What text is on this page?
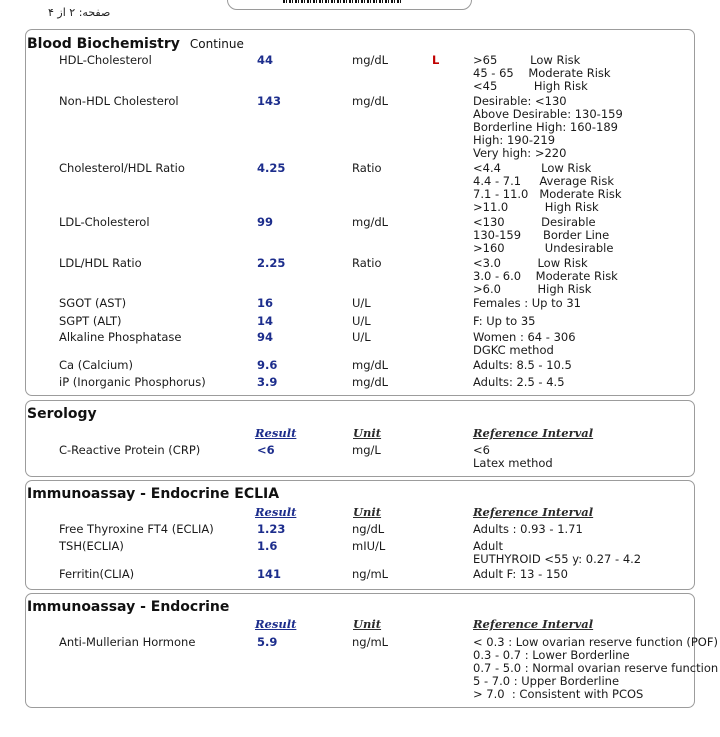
صفحه: ۲ از ۴
Blood Biochemistry Continue
HDL-Cholesterol	44	mg/dL	L	>65         Low Risk
45 - 65    Moderate Risk
<45          High Risk
Non-HDL Cholesterol	143	mg/dL	Desirable: <130
Above Desirable: 130-159
Borderline High: 160-189
High: 190-219
Very high: >220
Cholesterol/HDL Ratio	4.25	Ratio	<4.4           Low Risk
4.4 - 7.1     Average Risk
7.1 - 11.0   Moderate Risk
>11.0          High Risk
LDL-Cholesterol	99	mg/dL	<130          Desirable
130-159      Border Line
>160           Undesirable
LDL/HDL Ratio	2.25	Ratio	<3.0          Low Risk
3.0 - 6.0    Moderate Risk
>6.0          High Risk
SGOT (AST)	16	U/L	Females : Up to 31
SGPT (ALT)	14	U/L	F: Up to 35
Alkaline Phosphatase	94	U/L	Women : 64 - 306
DGKC method
Ca (Calcium)	9.6	mg/dL	Adults: 8.5 - 10.5
iP (Inorganic Phosphorus)	3.9	mg/dL	Adults: 2.5 - 4.5
Serology
Result	Unit	Reference Interval
C-Reactive Protein (CRP)	<6	mg/L	<6
Latex method
Immunoassay - Endocrine ECLIA
Result	Unit	Reference Interval
Free Thyroxine FT4 (ECLIA)	1.23	ng/dL	Adults : 0.93 - 1.71
TSH(ECLIA)	1.6	mIU/L	Adult
EUTHYROID <55 y: 0.27 - 4.2
Ferritin(CLIA)	141	ng/mL	Adult F: 13 - 150
Immunoassay - Endocrine
Result	Unit	Reference Interval
Anti-Mullerian Hormone	5.9	ng/mL	< 0.3 : Low ovarian reserve function (POF)
0.3 - 0.7 : Lower Borderline
0.7 - 5.0 : Normal ovarian reserve function
5 - 7.0 : Upper Borderline
> 7.0  : Consistent with PCOS
